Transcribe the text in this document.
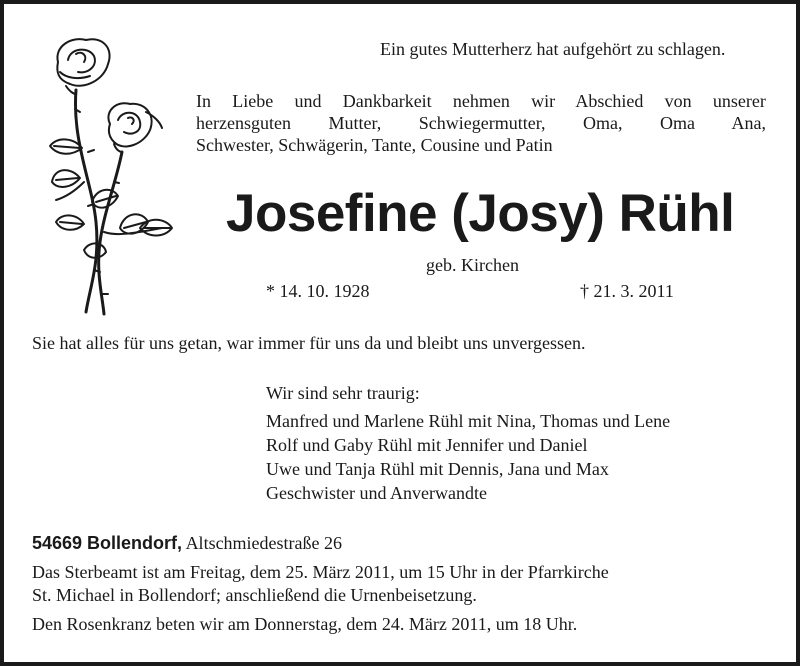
Ein gutes Mutterherz hat aufgehört zu schlagen.
In Liebe und Dankbarkeit nehmen wir Abschied von unserer
herzensguten Mutter, Schwiegermutter, Oma, Oma Ana,
Schwester, Schwägerin, Tante, Cousine und Patin
Josefine (Josy) Rühl
geb. Kirchen
* 14. 10. 1928	† 21. 3. 2011
Sie hat alles für uns getan, war immer für uns da und bleibt uns unvergessen.
Wir sind sehr traurig:
Manfred und Marlene Rühl mit Nina, Thomas und Lene
Rolf und Gaby Rühl mit Jennifer und Daniel
Uwe und Tanja Rühl mit Dennis, Jana und Max
Geschwister und Anverwandte
54669 Bollendorf, Altschmiedestraße 26
Das Sterbeamt ist am Freitag, dem 25. März 2011, um 15 Uhr in der Pfarrkirche
St. Michael in Bollendorf; anschließend die Urnenbeisetzung.
Den Rosenkranz beten wir am Donnerstag, dem 24. März 2011, um 18 Uhr.
